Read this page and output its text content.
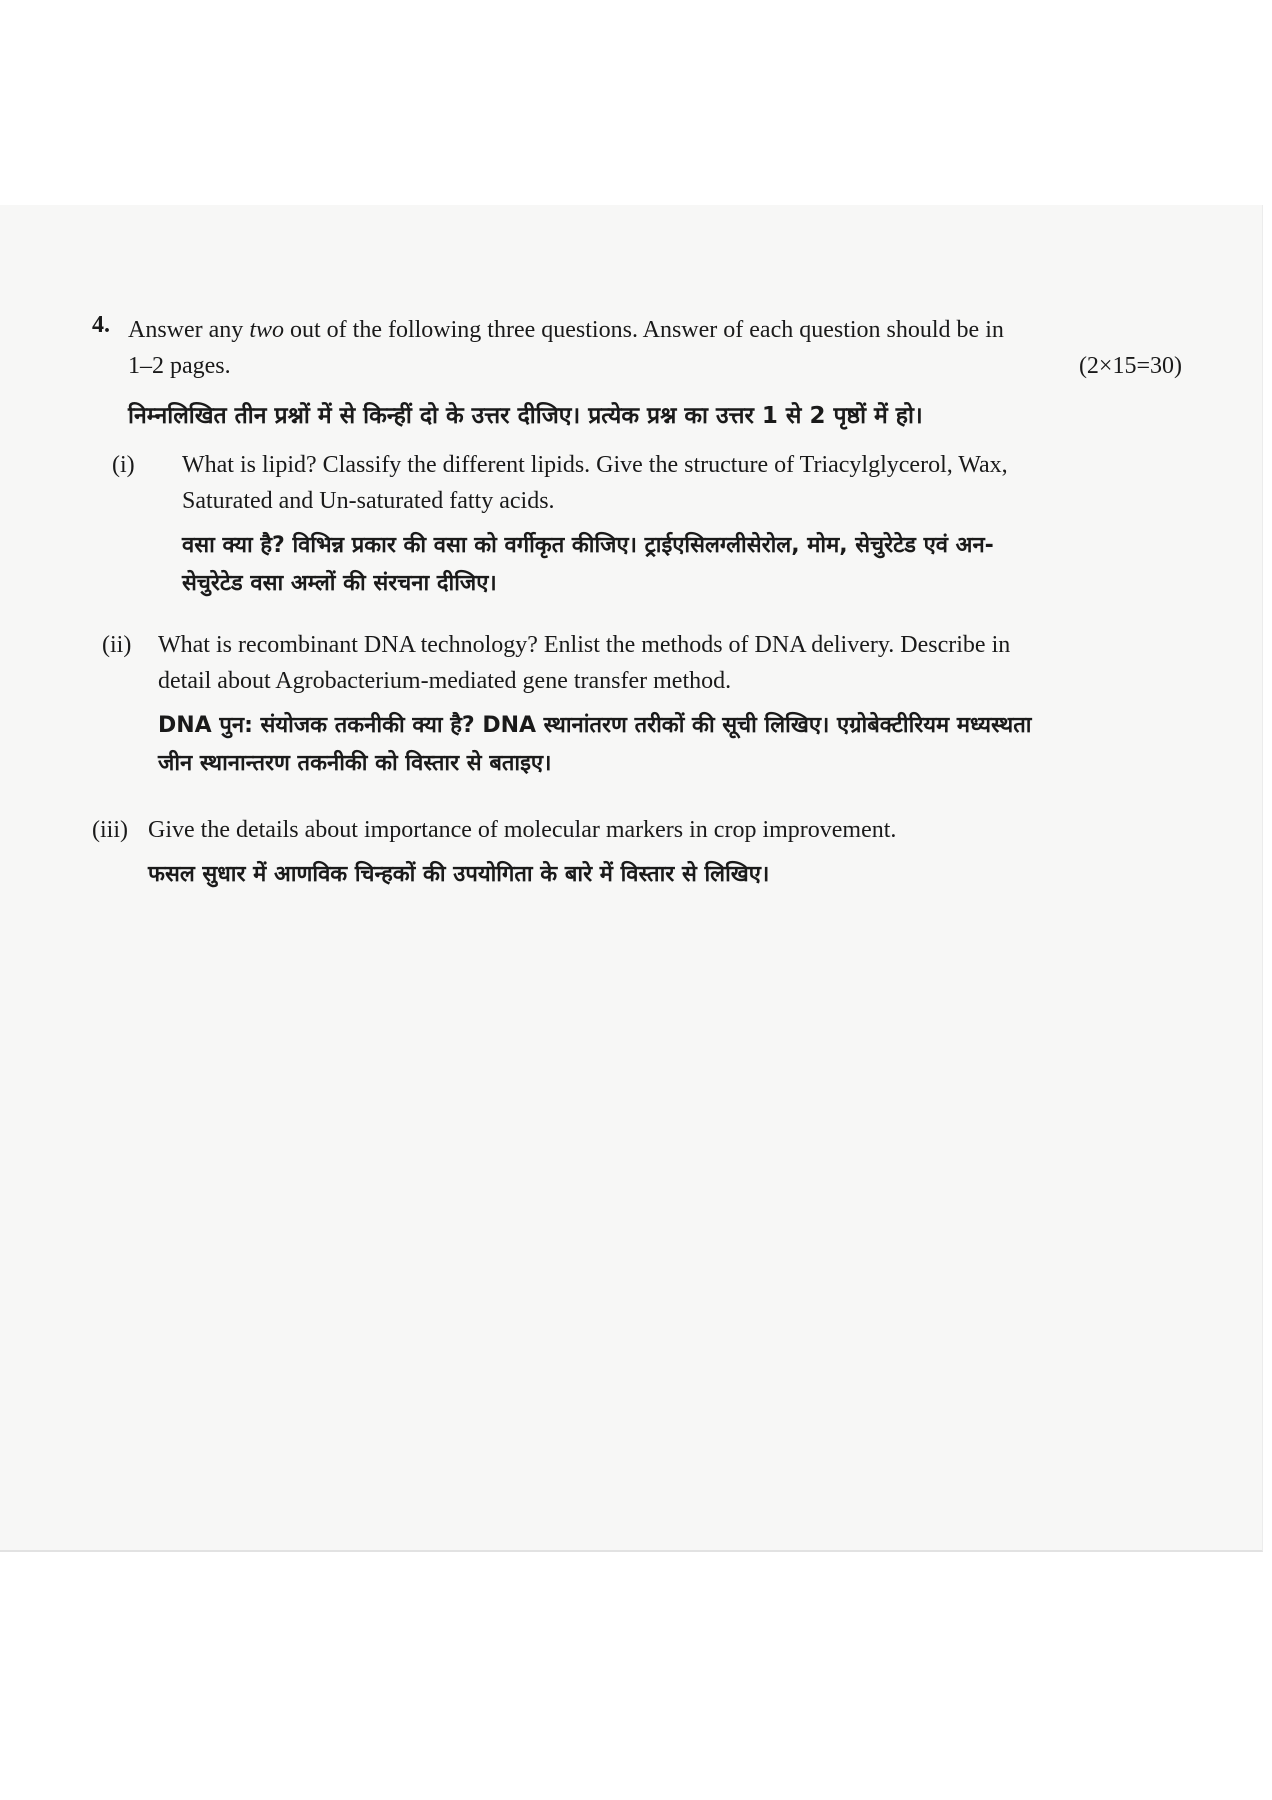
4. Answer any two out of the following three questions. Answer of each question should be in
1–2 pages.	(2×15=30)
निम्नलिखित तीन प्रश्नों में से किन्हीं दो के उत्तर दीजिए। प्रत्येक प्रश्न का उत्तर 1 से 2 पृष्ठों में हो।
(i)	What is lipid? Classify the different lipids. Give the structure of Triacylglycerol, Wax, Saturated and Un-saturated fatty acids.
वसा क्या है? विभिन्न प्रकार की वसा को वर्गीकृत कीजिए। ट्राईएसिलग्लीसेरोल, मोम, सेचुरेटेड एवं अन-सेचुरेटेड वसा अम्लों की संरचना दीजिए।
(ii)	What is recombinant DNA technology? Enlist the methods of DNA delivery. Describe in detail about Agrobacterium-mediated gene transfer method.
DNA पुन: संयोजक तकनीकी क्या है? DNA स्थानांतरण तरीकों की सूची लिखिए। एग्रोबेक्टीरियम मध्यस्थता जीन स्थानान्तरण तकनीकी को विस्तार से बताइए।
(iii) Give the details about importance of molecular markers in crop improvement.
फसल सुधार में आणविक चिन्हकों की उपयोगिता के बारे में विस्तार से लिखिए।
